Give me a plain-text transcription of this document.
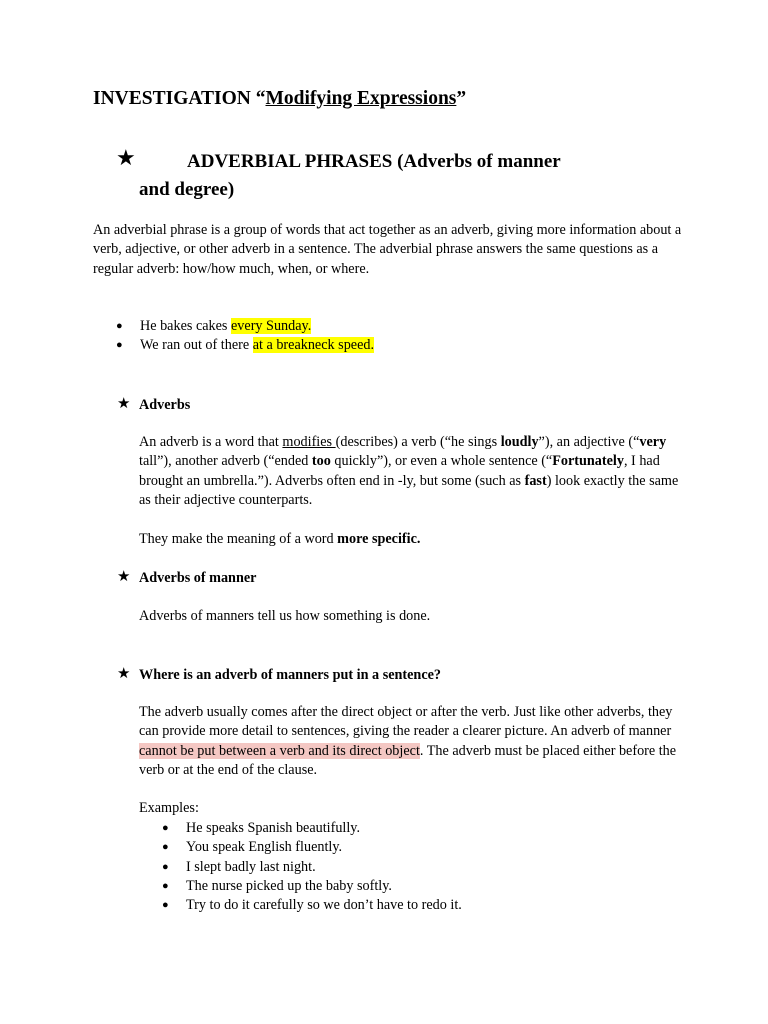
INVESTIGATION “Modifying Expressions”
★	ADVERBIAL PHRASES (Adverbs of manner
and degree)
An adverbial phrase is a group of words that act together as an adverb, giving more information about a verb, adjective, or other adverb in a sentence. The adverbial phrase answers the same questions as a regular adverb: how/how much, when, or where.
● He bakes cakes every Sunday.
● We ran out of there at a breakneck speed.
★ Adverbs
An adverb is a word that modifies (describes) a verb (“he sings loudly”), an adjective (“very tall”), another adverb (“ended too quickly”), or even a whole sentence (“Fortunately, I had brought an umbrella.”). Adverbs often end in -ly, but some (such as fast) look exactly the same as their adjective counterparts.
They make the meaning of a word more specific.
★ Adverbs of manner
Adverbs of manners tell us how something is done.
★ Where is an adverb of manners put in a sentence?
The adverb usually comes after the direct object or after the verb. Just like other adverbs, they can provide more detail to sentences, giving the reader a clearer picture. An adverb of manner cannot be put between a verb and its direct object. The adverb must be placed either before the verb or at the end of the clause.
Examples:
● He speaks Spanish beautifully.
● You speak English fluently.
● I slept badly last night.
● The nurse picked up the baby softly.
● Try to do it carefully so we don’t have to redo it.
